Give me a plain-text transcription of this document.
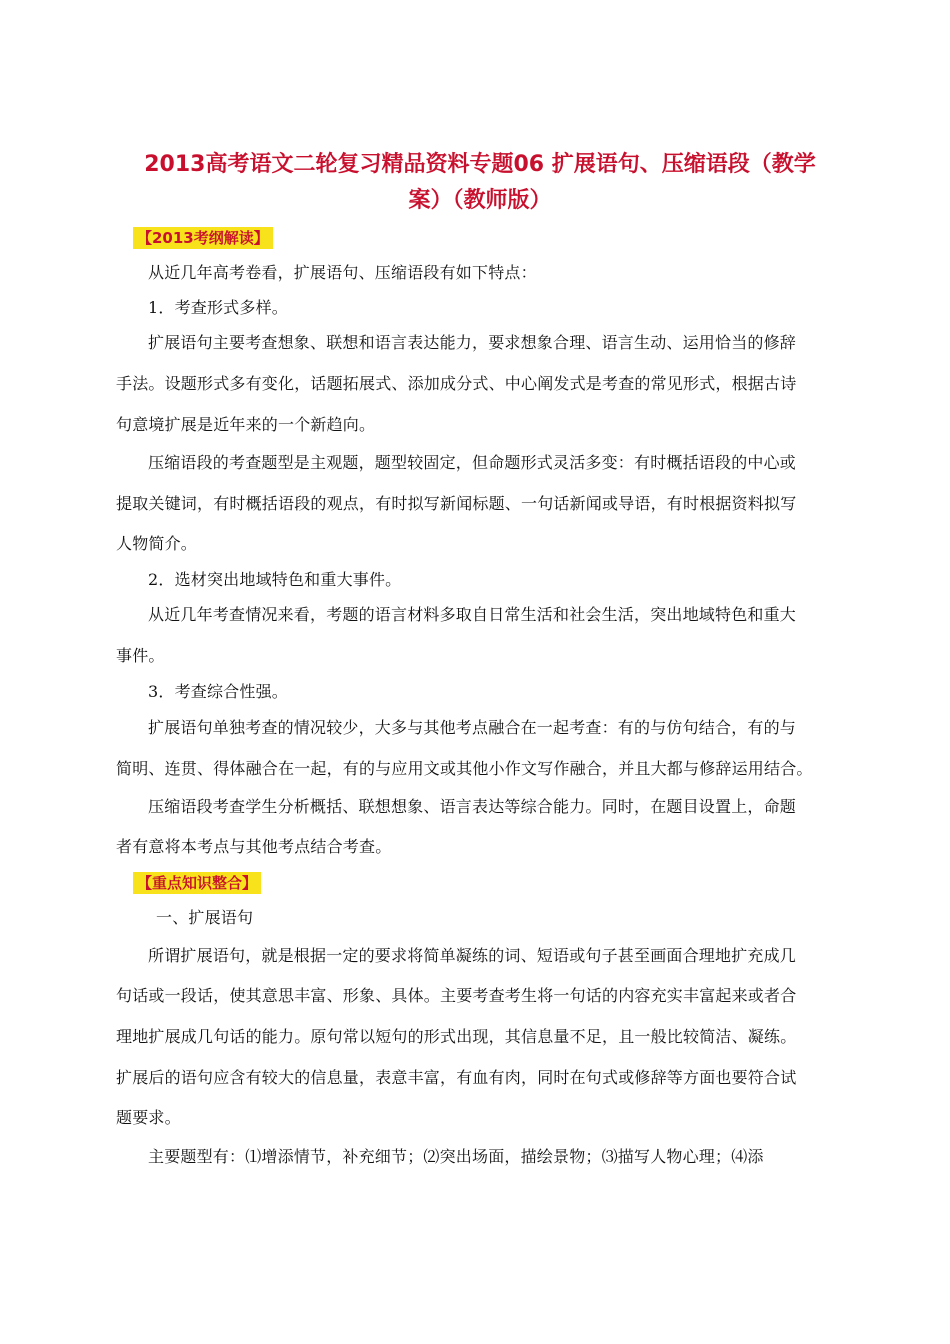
2013高考语文二轮复习精品资料专题06 扩展语句、压缩语段（教学
案）（教师版）
【2013考纲解读】
从近几年高考卷看，扩展语句、压缩语段有如下特点：
1．考查形式多样。
扩展语句主要考查想象、联想和语言表达能力，要求想象合理、语言生动、运用恰当的修辞
手法。设题形式多有变化，话题拓展式、添加成分式、中心阐发式是考查的常见形式，根据古诗
句意境扩展是近年来的一个新趋向。
压缩语段的考查题型是主观题，题型较固定，但命题形式灵活多变：有时概括语段的中心或
提取关键词，有时概括语段的观点，有时拟写新闻标题、一句话新闻或导语，有时根据资料拟写
人物简介。
2．选材突出地域特色和重大事件。
从近几年考查情况来看，考题的语言材料多取自日常生活和社会生活，突出地域特色和重大
事件。
3．考查综合性强。
扩展语句单独考查的情况较少，大多与其他考点融合在一起考查：有的与仿句结合，有的与
简明、连贯、得体融合在一起，有的与应用文或其他小作文写作融合，并且大都与修辞运用结合。
压缩语段考查学生分析概括、联想想象、语言表达等综合能力。同时，在题目设置上，命题
者有意将本考点与其他考点结合考查。
【重点知识整合】
一、扩展语句
所谓扩展语句，就是根据一定的要求将简单凝练的词、短语或句子甚至画面合理地扩充成几
句话或一段话，使其意思丰富、形象、具体。主要考查考生将一句话的内容充实丰富起来或者合
理地扩展成几句话的能力。原句常以短句的形式出现，其信息量不足，且一般比较简洁、凝练。
扩展后的语句应含有较大的信息量，表意丰富，有血有肉，同时在句式或修辞等方面也要符合试
题要求。
主要题型有：⑴增添情节，补充细节；⑵突出场面，描绘景物；⑶描写人物心理；⑷添
